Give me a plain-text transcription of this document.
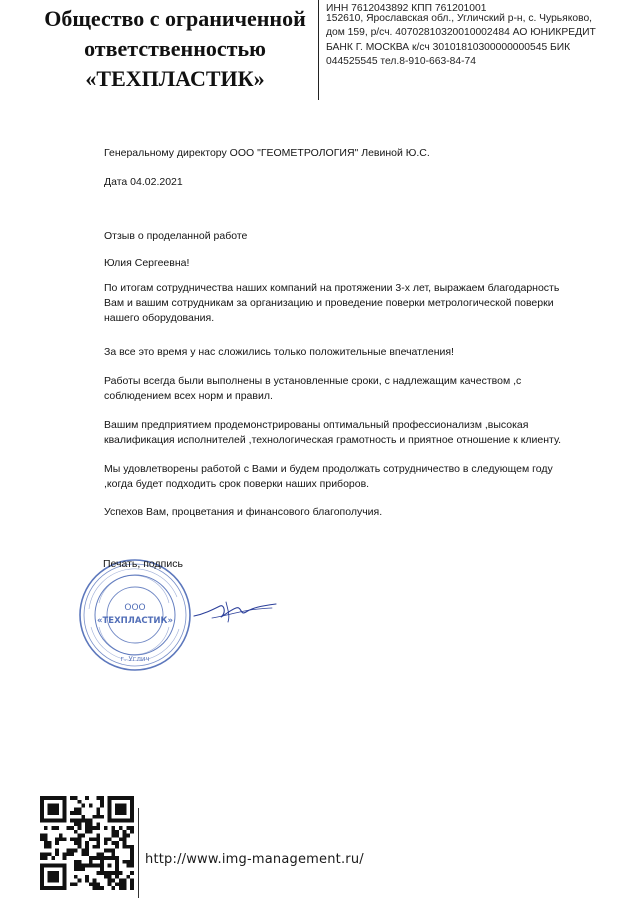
Общество с ограниченной
ответственностью
«ТЕХПЛАСТИК»
ИНН 7612043892 КПП 761201001
152610, Ярославская обл., Угличский р-н, с. Чурьяково,
дом 159, р/сч. 40702810320010002484 АО ЮНИКРЕДИТ
БАНК Г. МОСКВА к/сч 30101810300000000545 БИК
044525545 тел.8-910-663-84-74
Генеральному директору ООО "ГЕОМЕТРОЛОГИЯ" Левиной Ю.С.
Дата 04.02.2021
Отзыв о проделанной работе
Юлия Сергеевна!
По итогам сотрудничества наших компаний на протяжении 3-х лет, выражаем благодарность
Вам и вашим сотрудникам за организацию и проведение поверки метрологической поверки
нашего оборудования.
За все это время у нас сложились только положительные впечатления!
Работы всегда были выполнены в установленные сроки, с надлежащим качеством ,с
соблюдением всех норм и правил.
Вашим предприятием продемонстрированы оптимальный профессионализм ,высокая
квалификация исполнителей ,технологическая грамотность и приятное отношение к клиенту.
Мы удовлетворены работой с Вами и будем продолжать сотрудничество в следующем году
,когда будет подходить срок поверки наших приборов.
Успехов Вам, процветания и финансового благополучия.
ООО
«ТЕХПЛАСТИК»
г. Углич
Печать, подпись
http://www.img-management.ru/
